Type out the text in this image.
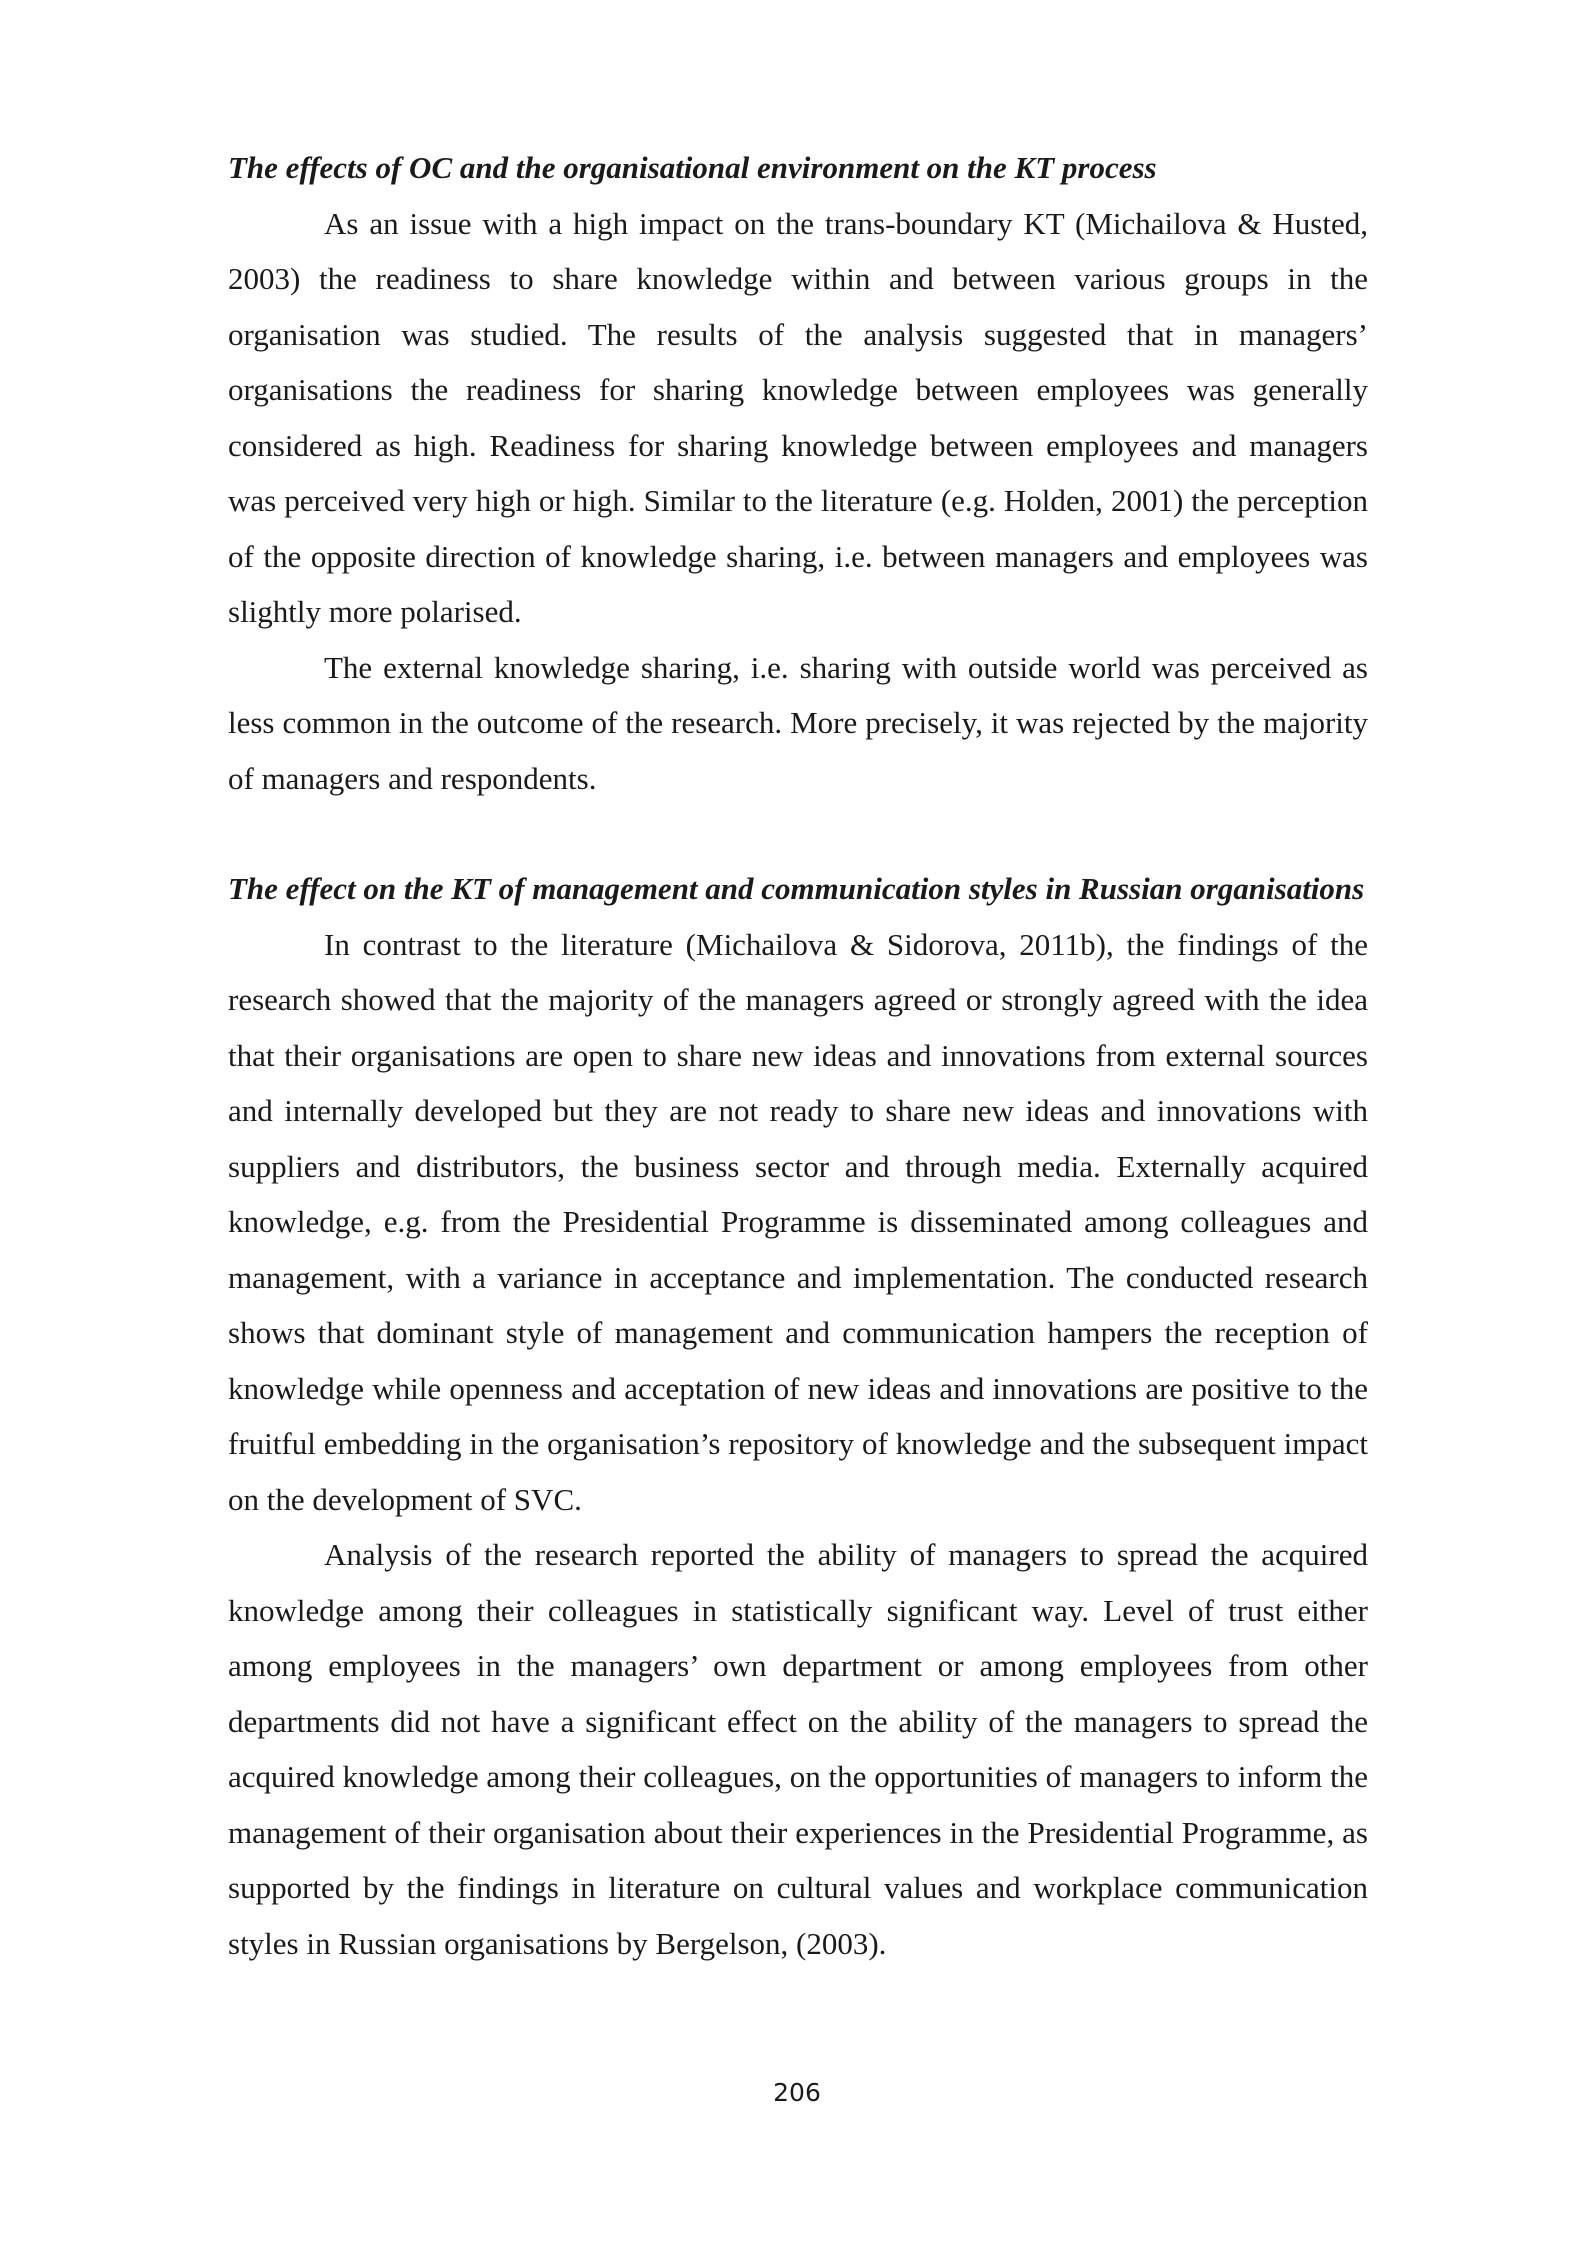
The effects of OC and the organisational environment on the KT process

As an issue with a high impact on the trans-boundary KT (Michailova & Husted, 2003) the readiness to share knowledge within and between various groups in the organisation was studied. The results of the analysis suggested that in managers’ organisations the readiness for sharing knowledge between employees was generally considered as high. Readiness for sharing knowledge between employees and managers was perceived very high or high. Similar to the literature (e.g. Holden, 2001) the perception of the opposite direction of knowledge sharing, i.e. between managers and employees was slightly more polarised.

The external knowledge sharing, i.e. sharing with outside world was perceived as less common in the outcome of the research. More precisely, it was rejected by the majority of managers and respondents.

The effect on the KT of management and communication styles in Russian organisations

In contrast to the literature (Michailova & Sidorova, 2011b), the findings of the research showed that the majority of the managers agreed or strongly agreed with the idea that their organisations are open to share new ideas and innovations from external sources and internally developed but they are not ready to share new ideas and innovations with suppliers and distributors, the business sector and through media. Externally acquired knowledge, e.g. from the Presidential Programme is disseminated among colleagues and management, with a variance in acceptance and implementation. The conducted research shows that dominant style of management and communication hampers the reception of knowledge while openness and acceptation of new ideas and innovations are positive to the fruitful embedding in the organisation’s repository of knowledge and the subsequent impact on the development of SVC.

Analysis of the research reported the ability of managers to spread the acquired knowledge among their colleagues in statistically significant way. Level of trust either among employees in the managers’ own department or among employees from other departments did not have a significant effect on the ability of the managers to spread the acquired knowledge among their colleagues, on the opportunities of managers to inform the management of their organisation about their experiences in the Presidential Programme, as supported by the findings in literature on cultural values and workplace communication styles in Russian organisations by Bergelson, (2003).

206
